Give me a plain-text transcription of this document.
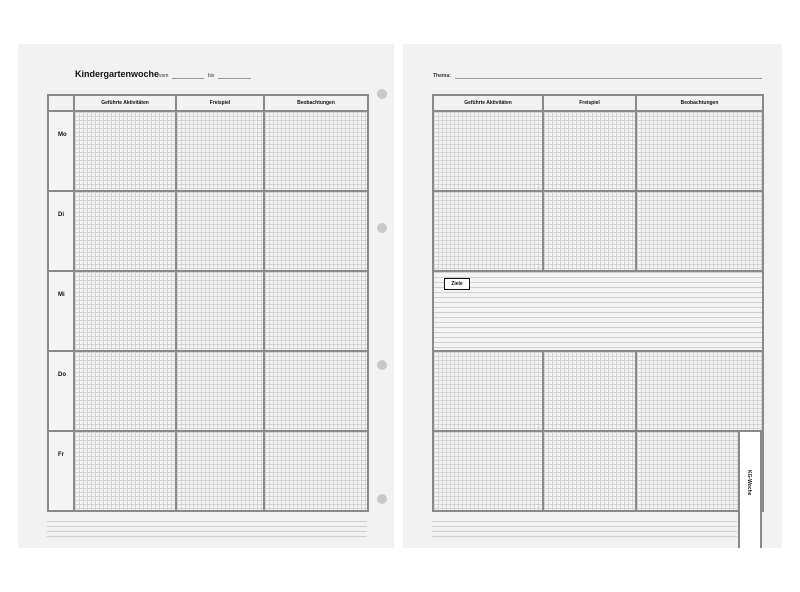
Kindergartenwoche vom	bis
	Geführte Aktivitäten	Freispiel	Beobachtungen
Mo			
Di			
Mi			
Do			
Fr			
Thema:
Geführte Aktivitäten	Freispiel	Beobachtungen

Ziele		

KG-Woche
